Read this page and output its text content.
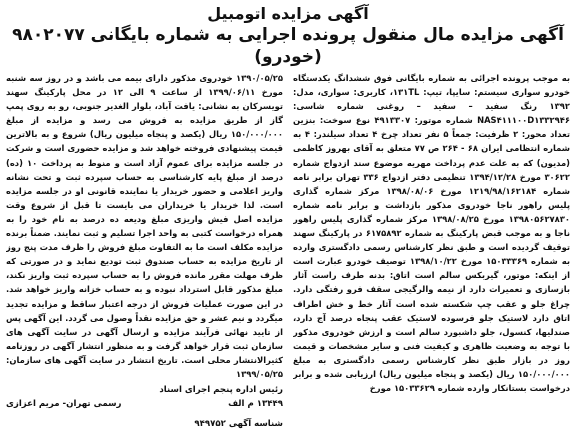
آگهی مزایده اتومبیل
آگهی مزایده مال منقول پرونده اجرایی به شماره بایگانی ۹۸۰۲۰۷۷ (خودرو)

به موجب پرونده اجرائی به شماره بایگانی فوق ششدانگ یکدستگاه خودرو سواری سیستم: سایپا، تیپ: ۱۳۱TL، کاربری: سواری، مدل: ۱۳۹۲ رنگ سفید – سفید – روغنی شماره شاسی: NAS۴۱۱۱۰۰D۱۳۳۲۹۴۶ شماره موتور: ۴۹۱۳۳۰۷ نوع سوخت: بنزین تعداد محور: ۲ ظرفیت: جمعاً ۵ نفر تعداد چرخ ۴ تعداد سیلندر: ۴ به شماره انتظامی ایران ۶۸ - ۲۶۴ ص ۷۷ متعلق به آقای بهروز کاظمی (مدیون) که به علت عدم پرداخت مهریه موضوع سند ازدواج شماره ۳۰۶۲۲ مورخ ۱۳۹۴/۱۲/۲۸ تنظیمی دفتر ازدواج ۳۳۶ تهران برابر نامه شماره ۱۲۱۹/۹۸/۱۶۲۱۸۴ مورخ ۱۳۹۸/۰۸/۰۶ مرکز شماره گذاری پلیس راهور ناجا خودروی مذکور بازداشت و برابر نامه شماره ۱۳۹۸۰۵۶۲۷۸۳۰ مورخ ۱۳۹۸/۰۸/۲۵ مرکز شماره گذاری پلیس راهور ناجا و به موجب قبض پارکینگ به شماره ۶۱۷۵۸۹۲ در پارکینگ سهند توقیف گردیده است و طبق نظر کارشناس رسمی دادگستری وارده به شماره ۱۵۰۳۳۳۶۹ مورخ ۱۳۹۸/۱۰/۲۲ توصیف خودرو عبارت است از اینکه: موتور، گیربکس سالم است اتاق: بدنه طرف راست آثار بازسازی و تعمیرات دارد از نیمه والرگیجی سقف فرو رفتگی دارد. چراغ جلو و عقب چپ شکسته شده است آثار خط و خش اطراف اتاق دارد لاستیک جلو فرسوده لاستیک عقب پنجاه درصد آج دارد، صندلیها، کنسول، جلو داشبورد سالم است و ارزش خودروی مذکور با توجه به وضعیت ظاهری و کیفیت فنی و سایر مشخصات و قیمت روز در بازار طبق نظر کارشناس رسمی دادگستری به مبلغ ۱۵۰/۰۰۰/۰۰۰ ریال (یکصد و پنجاه میلیون ریال) ارزیابی شده و برابر درخواست بستانکار وارده شماره ۱۵۰۳۳۶۲۹ مورخ

۱۳۹۰/۰۵/۲۵ خودروی مذکور دارای بیمه می باشد و در روز سه شنبه مورخ ۱۳۹۹/۰۶/۱۱ از ساعت ۹ الی ۱۲ در محل پارکینگ سهند تویسرکان به نشانی: یافت آباد، بلوار الغدیر جنوبی، رو به روی پمپ گاز از طریق مزایده به فروش می رسد و مزایده از مبلغ ۱۵۰/۰۰۰/۰۰۰ ریال (یکصد و پنجاه میلیون ریال) شروع و به بالاترین قیمت پیشنهادی فروخته خواهد شد و مزایده حضوری است و شرکت در جلسه مزایده برای عموم آزاد است و منوط به پرداخت ۱۰ (ده) درصد از مبلغ پایه کارشناسی به حساب سپرده ثبت و تحت نشانه واریز اعلامی و حضور خریدار یا نماینده قانونی او در جلسه مزایده است. لذا خریدار یا خریداران می بایست تا قبل از شروع وقت مزایده اصل فیش واریزی مبلغ ودیعه ده درصد به نام خود را به همراه درخواست کتبی به واحد اجرا تسلیم و ثبت نمایند. ضمناً برنده مزایده مکلف است ما به التفاوت مبلغ فروش را ظرف مدت پنج روز از تاریخ مزایده به حساب صندوق ثبت تودیع نماید و در صورتی که ظرف مهلت مقرر مانده فروش را به حساب سپرده ثبت واریز نکند، مبلغ مذکور قابل استرداد نبوده و به حساب خزانه واریز خواهد شد. در این صورت عملیات فروش از درجه اعتبار ساقط و مزایده تجدید میگردد و نیم عشر و حق مزایده نقداً وصول می گردد. این آگهی پس از تایید نهائی فرآیند مزایده و ارسال آگهی در سایت آگهی های سازمان ثبت قرار خواهد گرفت و به منظور انتشار آگهی در روزنامه کثیرالانتشار محلی است. تاریخ انتشار در سایت آگهی های سازمان: ۱۳۹۹/۰۵/۲۵

رئیس اداره پنجم اجرای اسناد
۱۳۴۴۹ م الف
رسمی تهران- مریم اعزازی
شناسه آگهی ۹۴۹۷۵۲
